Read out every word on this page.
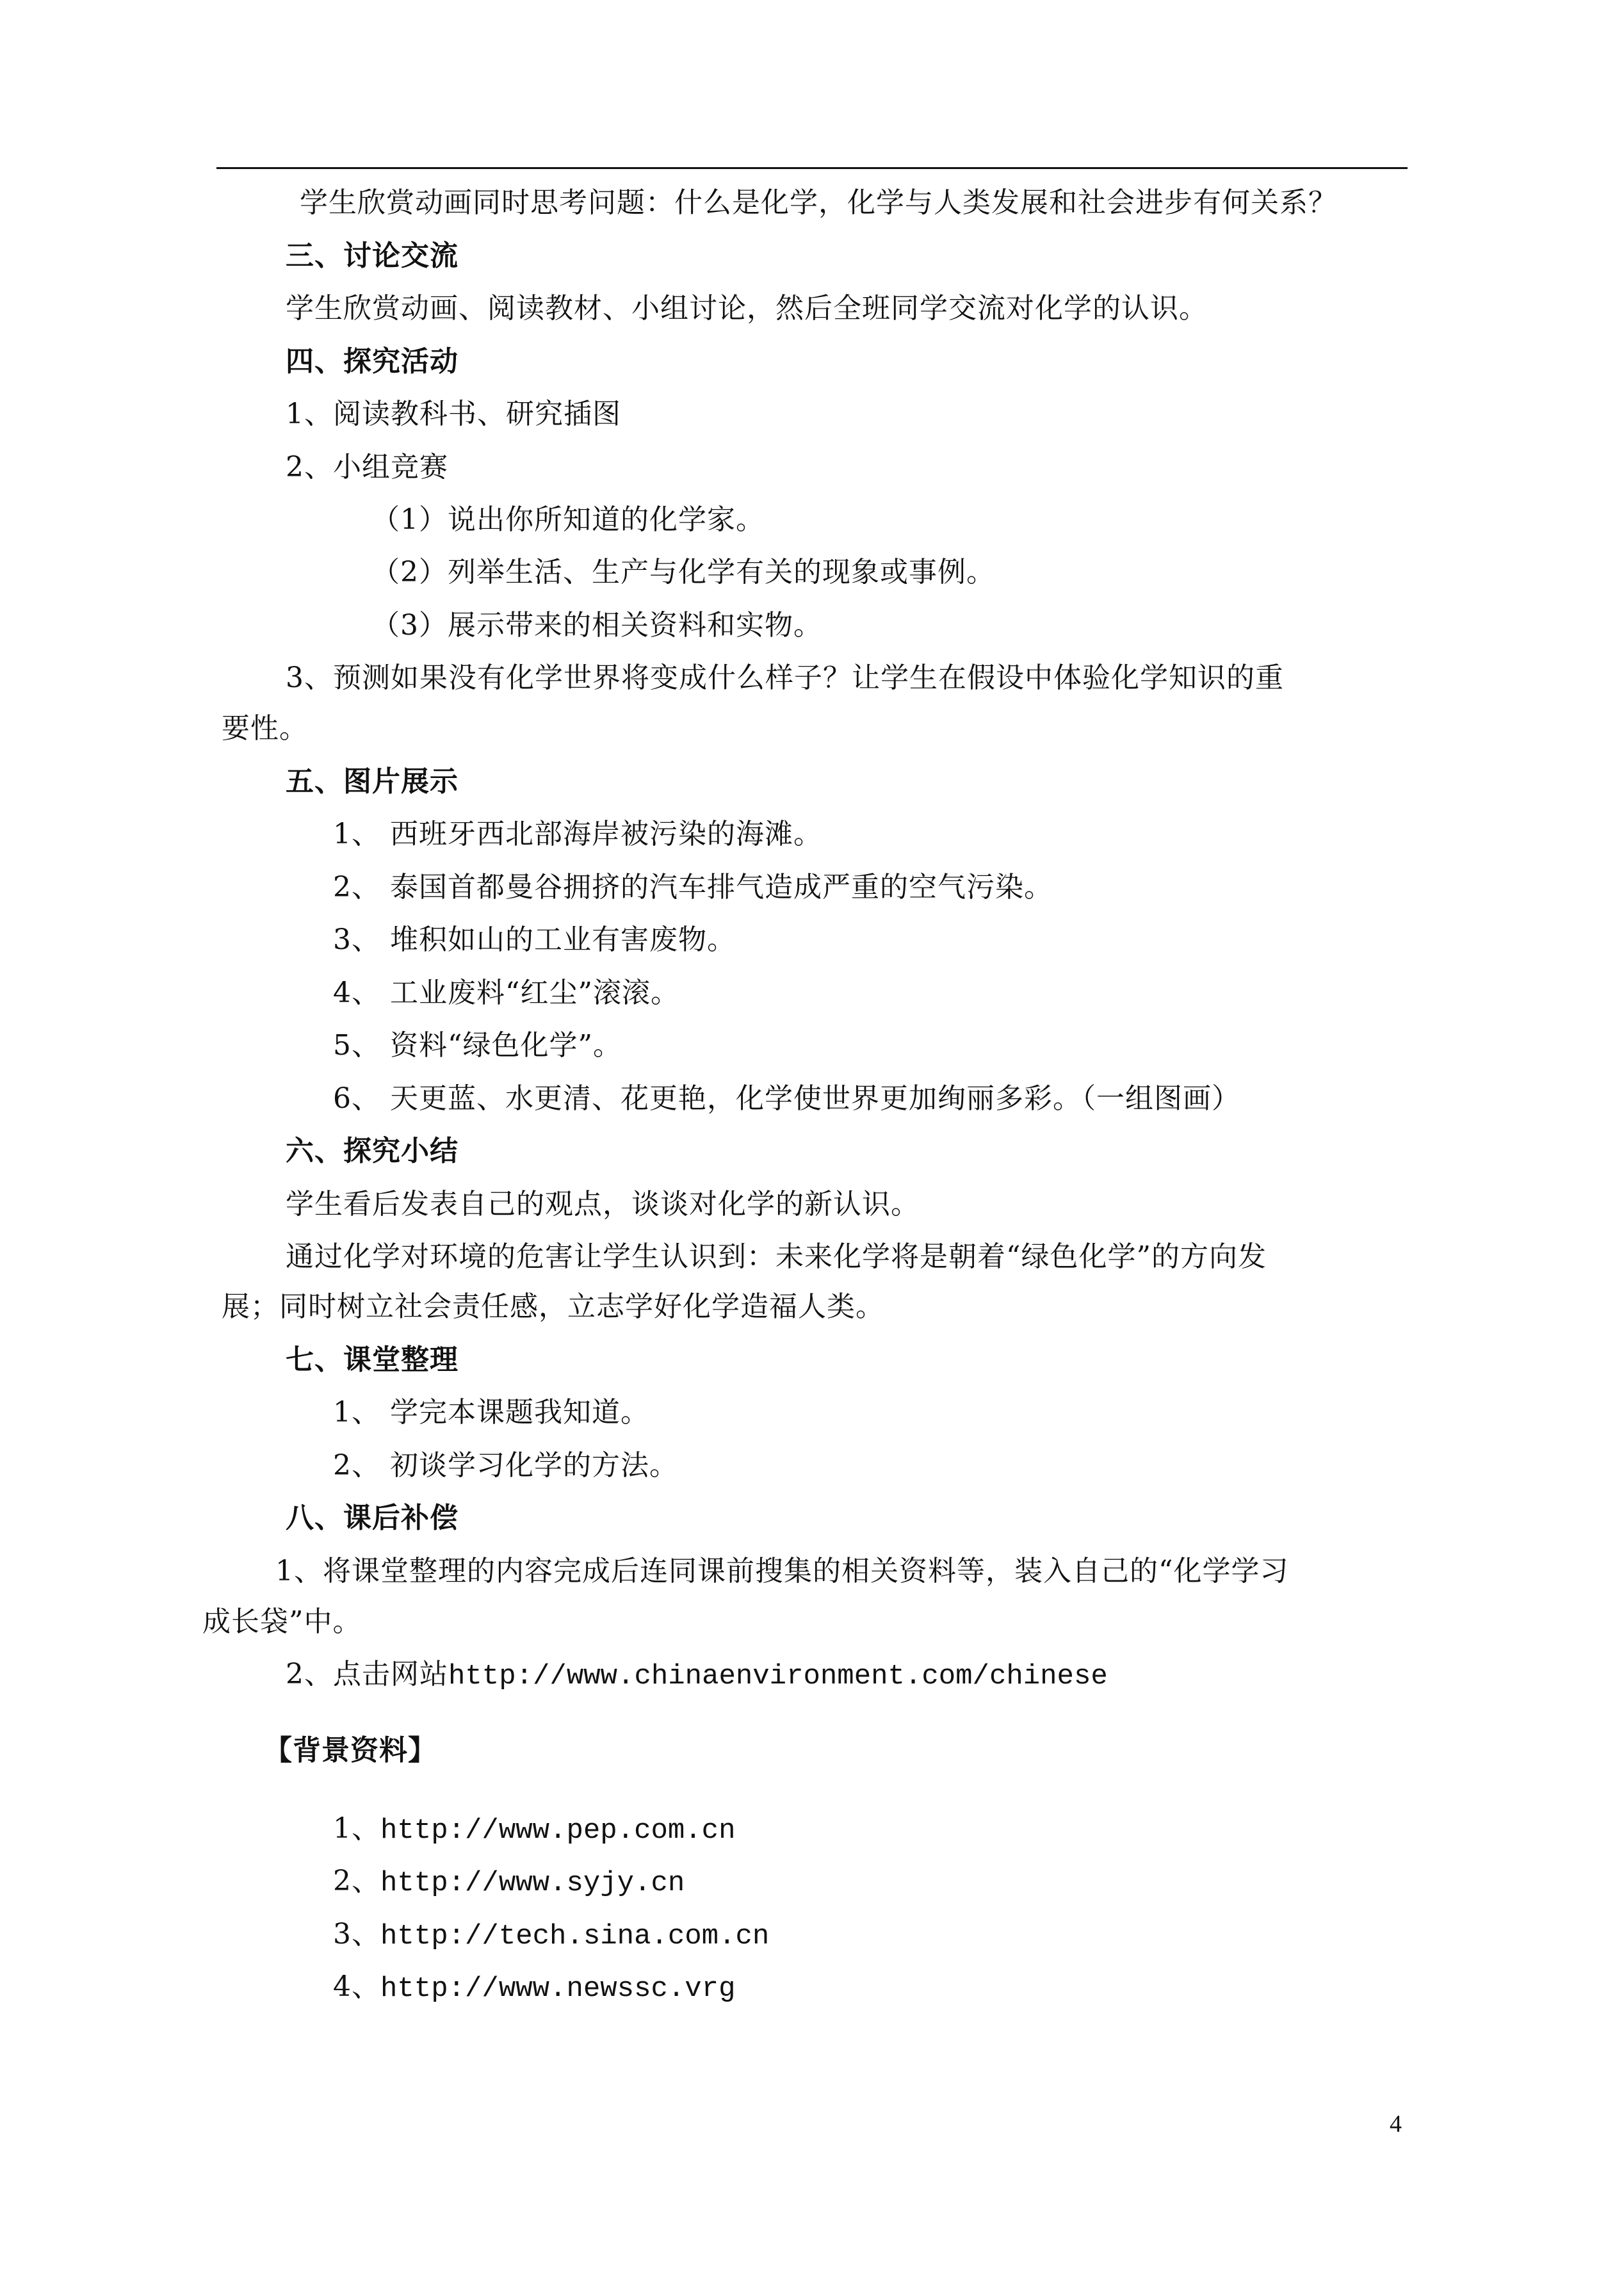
学生欣赏动画同时思考问题：什么是化学，化学与人类发展和社会进步有何关系？
三、讨论交流
学生欣赏动画、阅读教材、小组讨论，然后全班同学交流对化学的认识。
四、探究活动
1、阅读教科书、研究插图
2、小组竞赛
（1）说出你所知道的化学家。
（2）列举生活、生产与化学有关的现象或事例。
（3）展示带来的相关资料和实物。
3、预测如果没有化学世界将变成什么样子？让学生在假设中体验化学知识的重
要性。
五、图片展示
1、 西班牙西北部海岸被污染的海滩。
2、 泰国首都曼谷拥挤的汽车排气造成严重的空气污染。
3、 堆积如山的工业有害废物。
4、 工业废料“红尘”滚滚。
5、 资料“绿色化学”。
6、 天更蓝、水更清、花更艳，化学使世界更加绚丽多彩。（一组图画）
六、探究小结
学生看后发表自己的观点，谈谈对化学的新认识。
通过化学对环境的危害让学生认识到：未来化学将是朝着“绿色化学”的方向发
展；同时树立社会责任感，立志学好化学造福人类。
七、课堂整理
1、 学完本课题我知道。
2、 初谈学习化学的方法。
八、课后补偿
1、将课堂整理的内容完成后连同课前搜集的相关资料等，装入自己的“化学学习
成长袋”中。
2、点击网站http://www.chinaenvironment.com/chinese
【背景资料】
1、http://www.pep.com.cn
2、http://www.syjy.cn
3、http://tech.sina.com.cn
4、http://www.newssc.vrg
4
